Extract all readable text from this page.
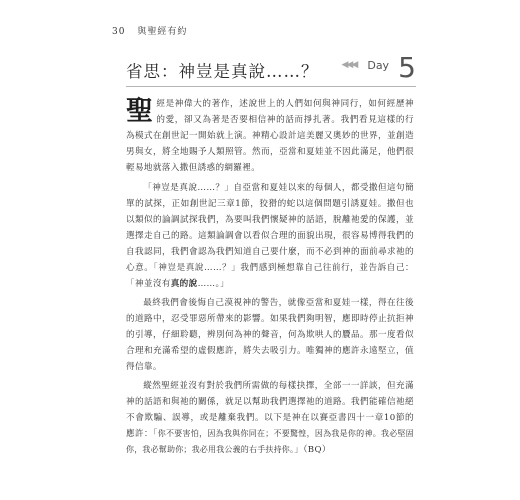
30 與聖經有約
省思：神豈是真說……？	◀◀◀ Day 5

聖經是神偉大的著作，述說世上的人們如何與神同行，如何經歷神的愛，卻又為著是否要相信神的話而掙扎著。我們看見這樣的行為模式在創世記一開始就上演。神精心設計這美麗又奧妙的世界，並創造男與女，將全地賜予人類照管。然而，亞當和夏娃並不因此滿足，他們很輕易地就落入撒但誘惑的網羅裡。

「神豈是真說……？」自亞當和夏娃以來的每個人，都受撒但這句簡單的試探，正如創世記三章1節，狡猾的蛇以這個問題引誘夏娃。撒但也以類似的論調試探我們，為要叫我們懷疑神的話語，脫離祂愛的保護，並選擇走自己的路。這類論調會以看似合理的面貌出現，很容易博得我們的自我認同，我們會認為我們知道自己要什麼，而不必到神的面前尋求祂的心意。「神豈是真說……？」我們感到極想靠自己往前行，並告訴自己：「神並沒有真的說……。」

最終我們會後悔自己漠視神的警告，就像亞當和夏娃一樣，得在往後的道路中，忍受罪惡所帶來的影響。如果我們夠明智，應即時停止抗拒神的引導，仔細聆聽，辨別何為神的聲音，何為欺哄人的贗品。那一度看似合理和充滿希望的虛假應許，將失去吸引力。唯獨神的應許永遠堅立，值得信靠。

縱然聖經並沒有對於我們所需做的每樣抉擇，全部一一詳談，但充滿神的話語和與祂的關係，就足以幫助我們選擇祂的道路。我們能確信祂絕不會欺騙、誤導，或是離棄我們。以下是神在以賽亞書四十一章10節的應許：「你不要害怕，因為我與你同在；不要驚惶，因為我是你的神。我必堅固你，我必幫助你；我必用我公義的右手扶持你。」（BQ）
